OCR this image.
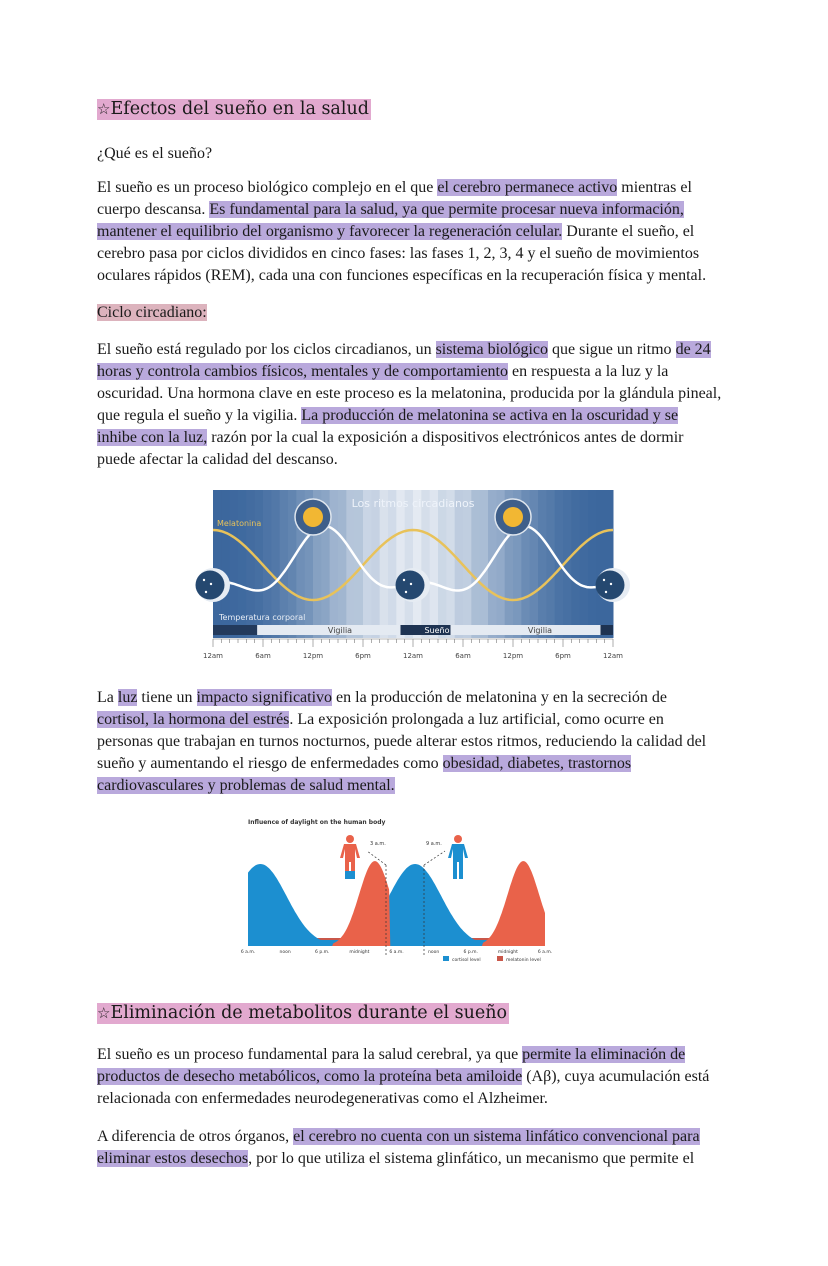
☆Efectos del sueño en la salud
¿Qué es el sueño?
El sueño es un proceso biológico complejo en el que el cerebro permanece activo mientras el cuerpo descansa. Es fundamental para la salud, ya que permite procesar nueva información, mantener el equilibrio del organismo y favorecer la regeneración celular. Durante el sueño, el cerebro pasa por ciclos divididos en cinco fases: las fases 1, 2, 3, 4 y el sueño de movimientos oculares rápidos (REM), cada una con funciones específicas en la recuperación física y mental.
Ciclo circadiano:
El sueño está regulado por los ciclos circadianos, un sistema biológico que sigue un ritmo de 24 horas y controla cambios físicos, mentales y de comportamiento en respuesta a la luz y la oscuridad. Una hormona clave en este proceso es la melatonina, producida por la glándula pineal, que regula el sueño y la vigilia. La producción de melatonina se activa en la oscuridad y se inhibe con la luz, razón por la cual la exposición a dispositivos electrónicos antes de dormir puede afectar la calidad del descanso.
Los ritmos circadianos
Melatonina
Temperatura corporal
Vigilia	Sueño	Vigilia
12am	6am	12pm	6pm	12am	6am	12pm	6pm	12am
La luz tiene un impacto significativo en la producción de melatonina y en la secreción de cortisol, la hormona del estrés. La exposición prolongada a luz artificial, como ocurre en personas que trabajan en turnos nocturnos, puede alterar estos ritmos, reduciendo la calidad del sueño y aumentando el riesgo de enfermedades como obesidad, diabetes, trastornos cardiovasculares y problemas de salud mental.
Influence of daylight on the human body
3 a.m.	9 a.m.
6 a.m.	noon	6 p.m.	midnight	6 a.m.	noon	6 p.m.	midnight	6 a.m.
cortisol level	melatonin level
☆Eliminación de metabolitos durante el sueño
El sueño es un proceso fundamental para la salud cerebral, ya que permite la eliminación de productos de desecho metabólicos, como la proteína beta amiloide (Aβ), cuya acumulación está relacionada con enfermedades neurodegenerativas como el Alzheimer.
A diferencia de otros órganos, el cerebro no cuenta con un sistema linfático convencional para eliminar estos desechos, por lo que utiliza el sistema glinfático, un mecanismo que permite el
